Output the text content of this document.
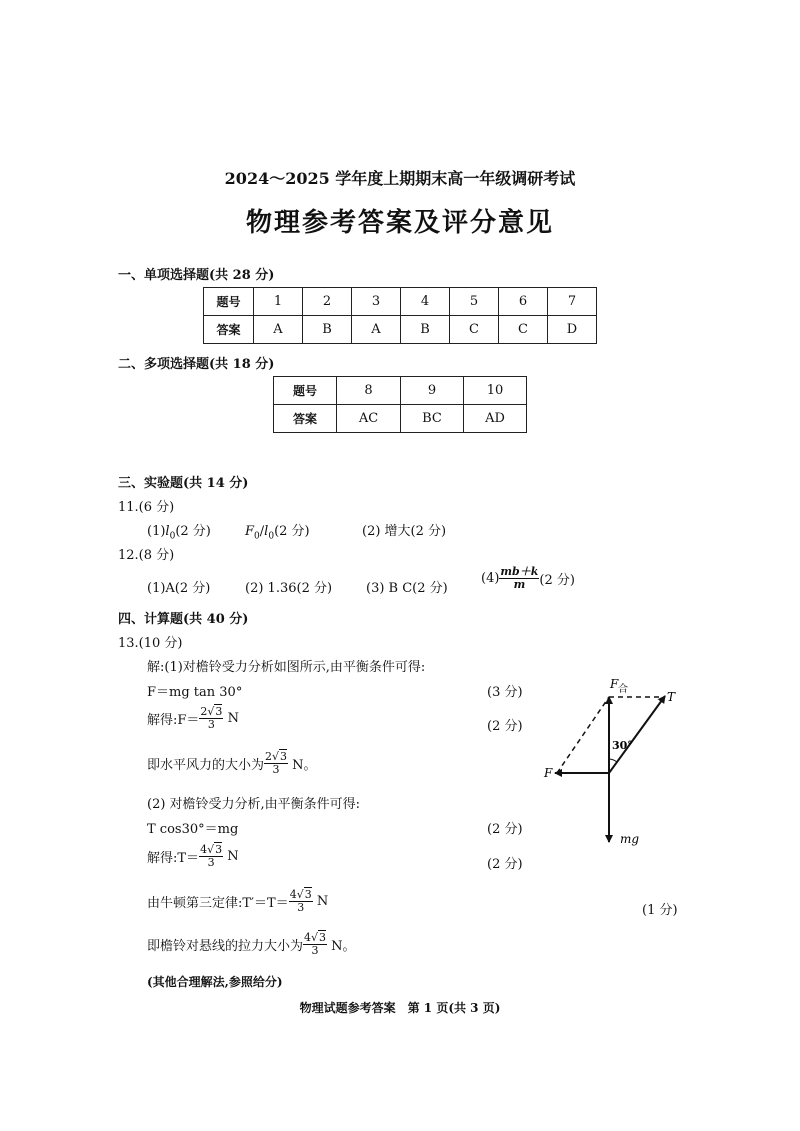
2024～2025 学年度上期期末高一年级调研考试
物理参考答案及评分意见
一、单项选择题(共 28 分)
题号	1	2	3	4	5	6	7
答案	A	B	A	B	C	C	D
二、多项选择题(共 18 分)
题号	8	9	10
答案	AC	BC	AD
三、实验题(共 14 分)
11.(6 分)
$(1)l_0(2$ 分)	$F_0/l_0(2$ 分)	(2) 增大(2 分)
12.(8 分)
(1)A(2 分)	(2) 1.36(2 分)	(3) B C(2 分)
$(4) \frac{mb+k}{m} (2$ 分)
四、计算题(共 40 分)
13.(10 分)
解:(1)对檐铃受力分析如图所示,由平衡条件可得:
F＝mg tan 30°	(3 分)
解得:F＝ $\frac{2√3}{3}$ N
(2 分)
即水平风力的大小为 $\frac{2√3}{3}$ N。
(2) 对檐铃受力分析,由平衡条件可得:
T cos30°＝mg	(2 分)
解得:T＝ $\frac{4√3}{3}$ N
(2 分)
由牛顿第三定律:T′＝T＝ $\frac{4√3}{3}$ N
(1 分)
即檐铃对悬线的拉力大小为 $\frac{4√3}{3}$ N。
(其他合理解法,参照给分)
F 合
T
30°
F
mg
物理试题参考答案　第 1 页(共 3 页)
